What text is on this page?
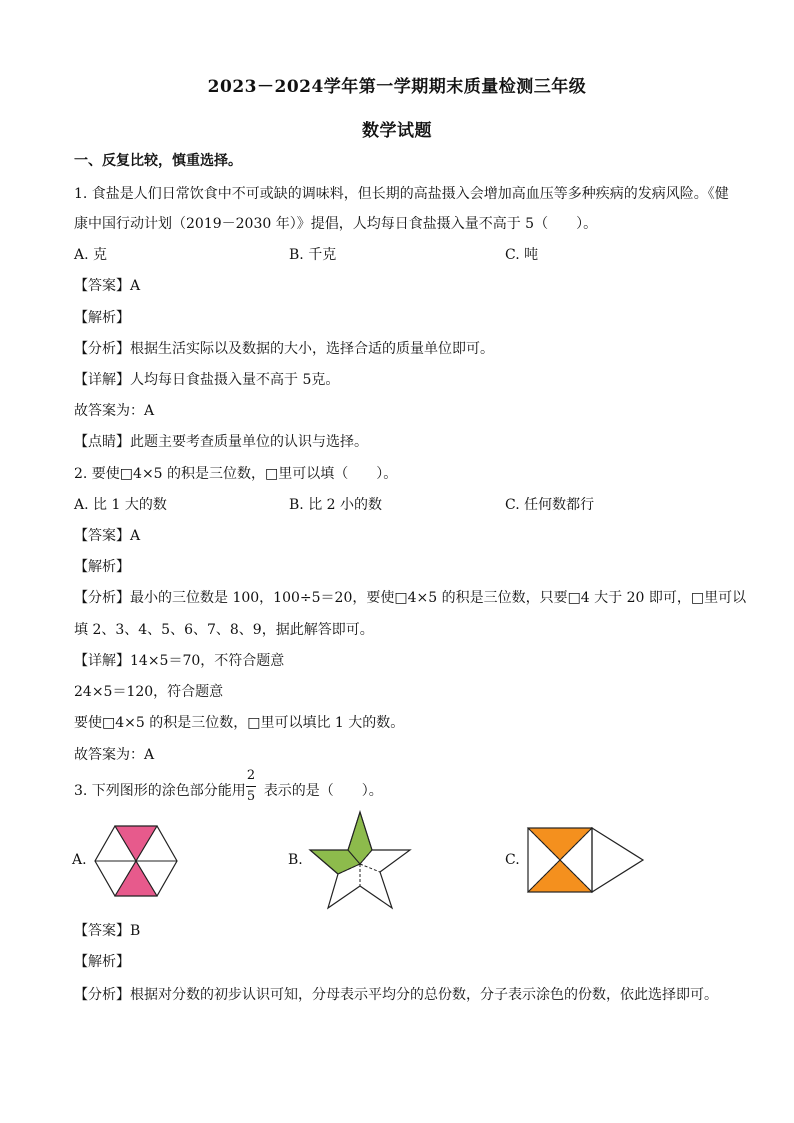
2023－2024学年第一学期期末质量检测三年级
数学试题
一、反复比较，慎重选择。
1. 食盐是人们日常饮食中不可或缺的调味料，但长期的高盐摄入会增加高血压等多种疾病的发病风险。《健
康中国行动计划（2019－2030 年）》提倡，人均每日食盐摄入量不高于 5（　　）。
A. 克	B. 千克	C. 吨
【答案】A
【解析】
【分析】根据生活实际以及数据的大小，选择合适的质量单位即可。
【详解】人均每日食盐摄入量不高于 5克。
故答案为：A
【点睛】此题主要考查质量单位的认识与选择。
2. 要使□4×5 的积是三位数，□里可以填（　　）。
A. 比 1 大的数	B. 比 2 小的数	C. 任何数都行
【答案】A
【解析】
【分析】最小的三位数是 100，100÷5＝20，要使□4×5 的积是三位数，只要□4 大于 20 即可，□里可以
填 2、3、4、5、6、7、8、9，据此解答即可。
【详解】14×5＝70，不符合题意
24×5＝120，符合题意
要使□4×5 的积是三位数，□里可以填比 1 大的数。
故答案为：A
3. 下列图形的涂色部分能用 表示的是（　　）。
2
5
A.	B.	C.
【答案】B
【解析】
【分析】根据对分数的初步认识可知，分母表示平均分的总份数，分子表示涂色的份数，依此选择即可。
